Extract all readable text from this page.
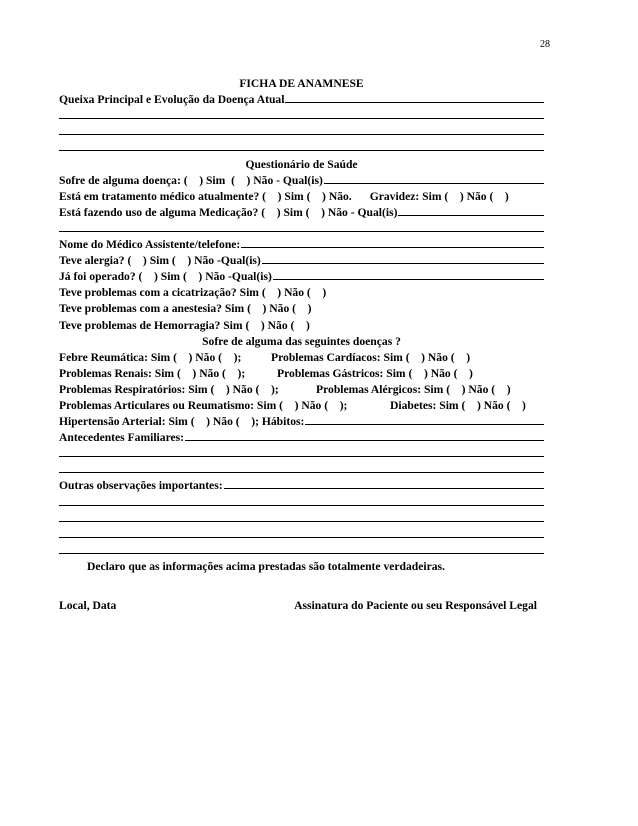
28
FICHA DE ANAMNESE
Queixa Principal e Evolução da Doença Atual
Questionário de Saúde
Sofre de alguma doença: (    ) Sim  (    ) Não - Qual(is)
Está em tratamento médico atualmente? (    ) Sim (    ) Não. Gravidez: Sim (    ) Não (    )
Está fazendo uso de alguma Medicação? (    ) Sim (    ) Não - Qual(is)
Nome do Médico Assistente/telefone:
Teve alergia? (    ) Sim (    ) Não -Qual(is)
Já foi operado? (    ) Sim (    ) Não -Qual(is)
Teve problemas com a cicatrização? Sim (    ) Não (    )
Teve problemas com a anestesia? Sim (    ) Não (    )
Teve problemas de Hemorragia? Sim (    ) Não (    )
Sofre de alguma das seguintes doenças ?
Febre Reumática: Sim (    ) Não (    );	Problemas Cardíacos: Sim (    ) Não (    )
Problemas Renais: Sim (    ) Não (    );	Problemas Gástricos: Sim (    ) Não (    )
Problemas Respiratórios: Sim (    ) Não (    );	Problemas Alérgicos: Sim (    ) Não (    )
Problemas Articulares ou Reumatismo: Sim (    ) Não (    );	Diabetes: Sim (    ) Não (    )
Hipertensão Arterial: Sim (    ) Não (    ); Hábitos:
Antecedentes Familiares:
Outras observações importantes:
Declaro que as informações acima prestadas são totalmente verdadeiras.
Local, Data	Assinatura do Paciente ou seu Responsável Legal
